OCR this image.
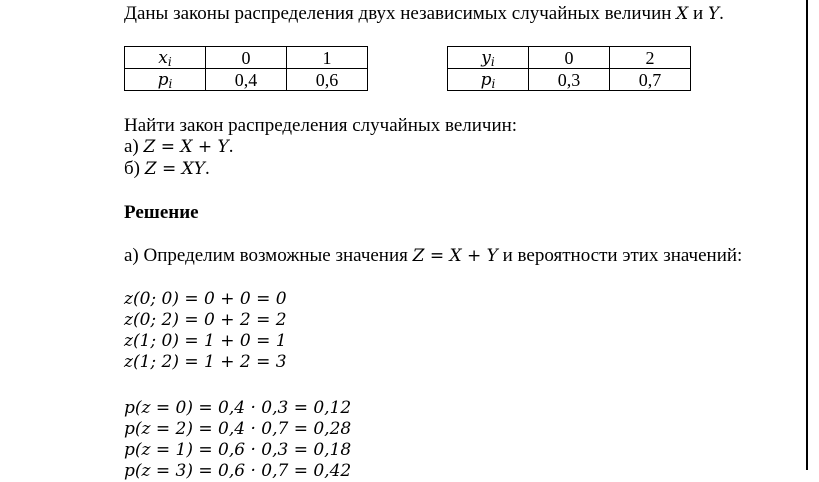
Даны законы распределения двух независимых случайных величин X и Y.
$x_i$	0	1
$p_i$	0,4	0,6
$y_i$	0	2
$p_i$	0,3	0,7
Найти закон распределения случайных величин:
а) Z = X + Y.
б) Z = XY.
Решение
а) Определим возможные значения Z = X + Y и вероятности этих значений:
z(0; 0) = 0 + 0 = 0
z(0; 2) = 0 + 2 = 2
z(1; 0) = 1 + 0 = 1
z(1; 2) = 1 + 2 = 3
p(z = 0) = 0,4 · 0,3 = 0,12
p(z = 2) = 0,4 · 0,7 = 0,28
p(z = 1) = 0,6 · 0,3 = 0,18
p(z = 3) = 0,6 · 0,7 = 0,42
